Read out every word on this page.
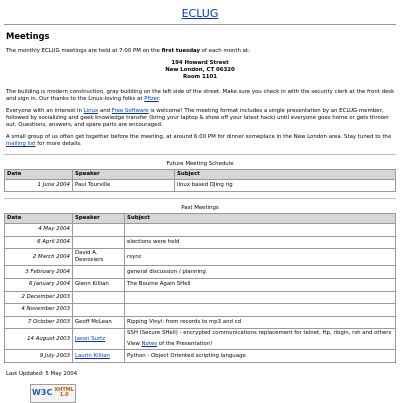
ECLUG
Meetings

The monthly ECLUG meetings are held at 7:00 PM on the first tuesday of each month at:

194 Howard Street
New London, CT 06320
Room 1101

The building is modern construction, gray building on the left side of the street. Make sure you check in with the security clerk at the front desk and sign in. Our thanks to the Linux-loving folks at Pfizer.

Everyone with an interest in Linux and Free Software is welcome! The meeting format includes a single presentation by an ECLUG member, followed by socializing and geek knowledge transfer (bring your laptop & show off your latest hack) until everyone goes home or gets thrown out. Questions, answers, and spare parts are encouraged.

A small group of us often get together before the meeting, at around 6:00 PM for dinner someplace in the New London area. Stay tuned to the mailing list for more details.

Future Meeting Schedule
Date	Speaker	Subject
1 June 2004	Paul Tourville	linux based DJing rig
Past Meetings
Date	Speaker	Subject
4 May 2004		
6 April 2004		elections were held
2 March 2004	David A. Desrosiers	rsync
3 February 2004		general discussion / planning
6 January 2004	Glenn Killian	The Bourne Again SHell
2 December 2003		
4 November 2003		
7 October 2003	Geoff McLean	Ripping Vinyl: from records to mp3 and cd
14 August 2003	Jason Surtz	SSH (Secure SHell) - encrypted communications replacement for telnet, ftp, rlogin, rsh and others
View Notes of the Presentation!

9 July 2003	Laurin Killian	Python - Object Oriented scripting language
Last Updated: 5 May 2004
W3C XHTML
1.0
